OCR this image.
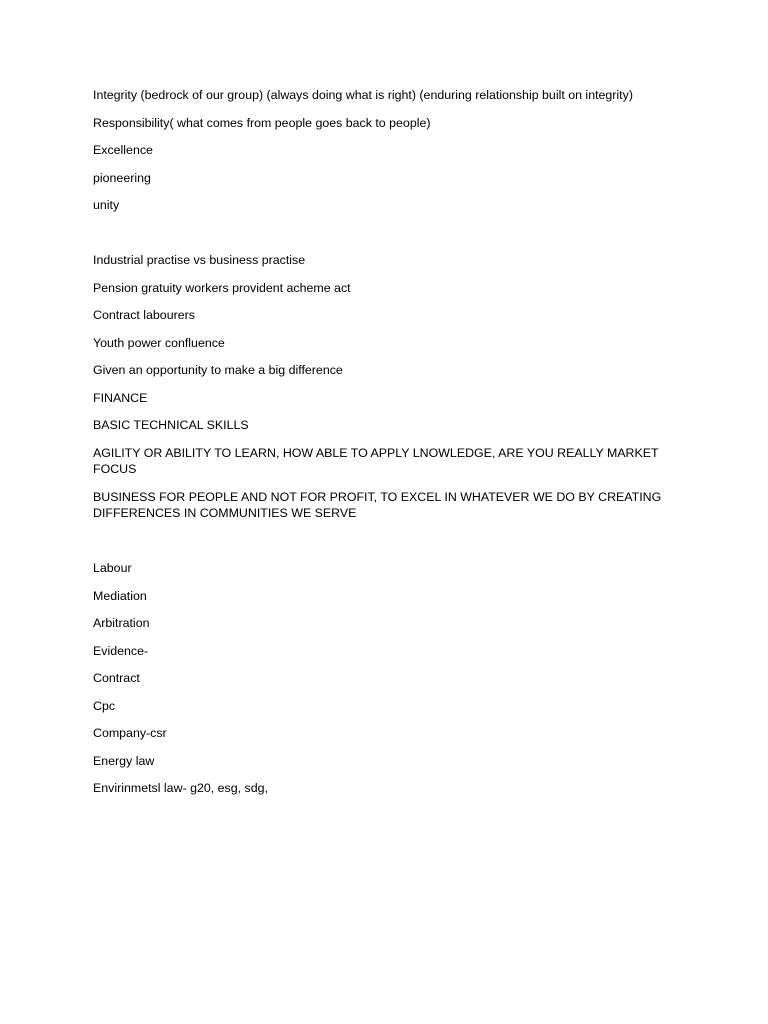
Integrity (bedrock of our group) (always doing what is right) (enduring relationship built on integrity)

Responsibility( what comes from people goes back to people)

Excellence

pioneering

unity

Industrial practise vs business practise

Pension gratuity workers provident acheme act

Contract labourers

Youth power confluence

Given an opportunity to make a big difference

FINANCE

BASIC TECHNICAL SKILLS

AGILITY OR ABILITY TO LEARN, HOW ABLE TO APPLY LNOWLEDGE, ARE YOU REALLY MARKET FOCUS

BUSINESS FOR PEOPLE AND NOT FOR PROFIT, TO EXCEL IN WHATEVER WE DO BY CREATING DIFFERENCES IN COMMUNITIES WE SERVE

Labour

Mediation

Arbitration

Evidence-

Contract

Cpc

Company-csr

Energy law

Envirinmetsl law- g20, esg, sdg,
